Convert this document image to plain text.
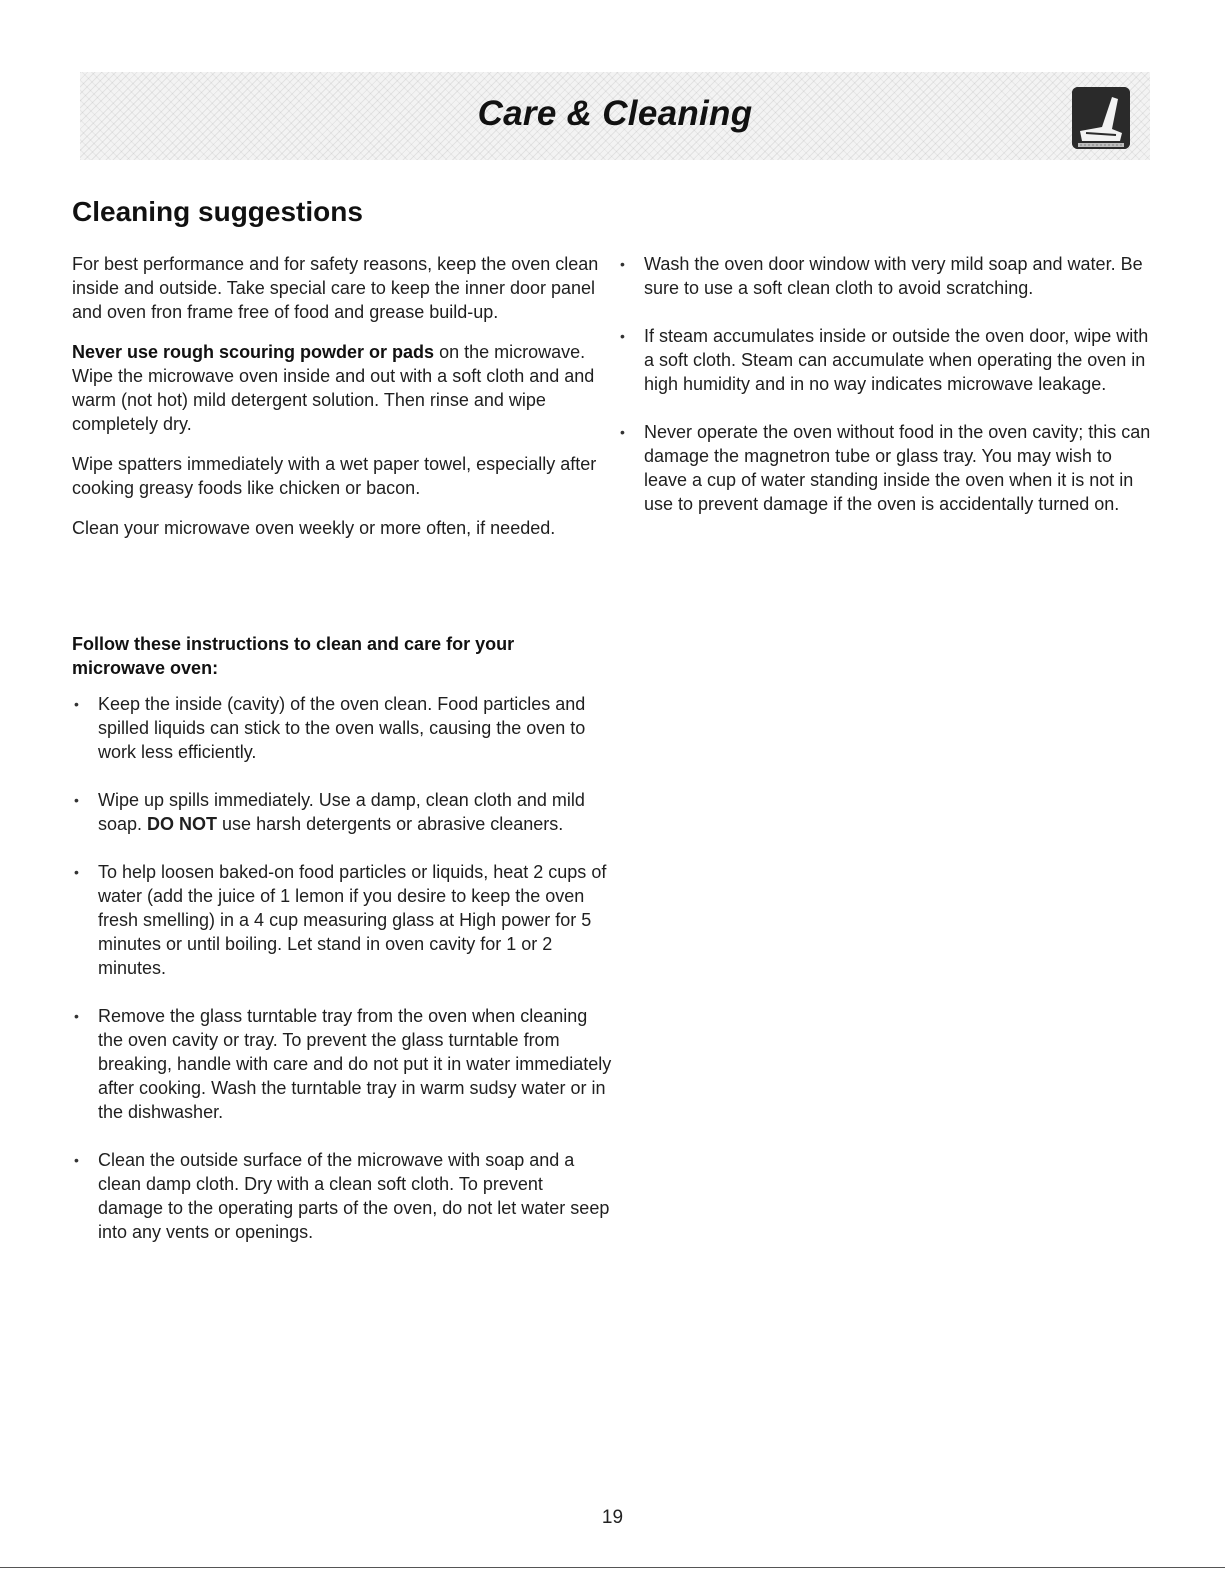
Care & Cleaning
Cleaning suggestions

For best performance and for safety reasons, keep the oven clean inside and outside. Take special care to keep the inner door panel and oven fron frame free of food and grease build-up.

Never use rough scouring powder or pads on the microwave. Wipe the microwave oven inside and out with a soft cloth and and warm (not hot) mild detergent solution. Then rinse and wipe completely dry.

Wipe spatters immediately with a wet paper towel, especially after cooking greasy foods like chicken or bacon.

Clean your microwave oven weekly or more often, if needed.

Follow these instructions to clean and care for your microwave oven:
• Keep the inside (cavity) of the oven clean. Food particles and spilled liquids can stick to the oven walls, causing the oven to work less efficiently.
• Wipe up spills immediately. Use a damp, clean cloth and mild soap. DO NOT use harsh detergents or abrasive cleaners.
• To help loosen baked-on food particles or liquids, heat 2 cups of water (add the juice of 1 lemon if you desire to keep the oven fresh smelling) in a 4 cup measuring glass at High power for 5 minutes or until boiling. Let stand in oven cavity for 1 or 2 minutes.
• Remove the glass turntable tray from the oven when cleaning the oven cavity or tray. To prevent the glass turntable from breaking, handle with care and do not put it in water immediately after cooking. Wash the turntable tray in warm sudsy water or in the dishwasher.
• Clean the outside surface of the microwave with soap and a clean damp cloth. Dry with a clean soft cloth. To prevent damage to the operating parts of the oven, do not let water seep into any vents or openings.
• Wash the oven door window with very mild soap and water. Be sure to use a soft clean cloth to avoid scratching.
• If steam accumulates inside or outside the oven door, wipe with a soft cloth. Steam can accumulate when operating the oven in high humidity and in no way indicates microwave leakage.
• Never operate the oven without food in the oven cavity; this can damage the magnetron tube or glass tray. You may wish to leave a cup of water standing inside the oven when it is not in use to prevent damage if the oven is accidentally turned on.
19
